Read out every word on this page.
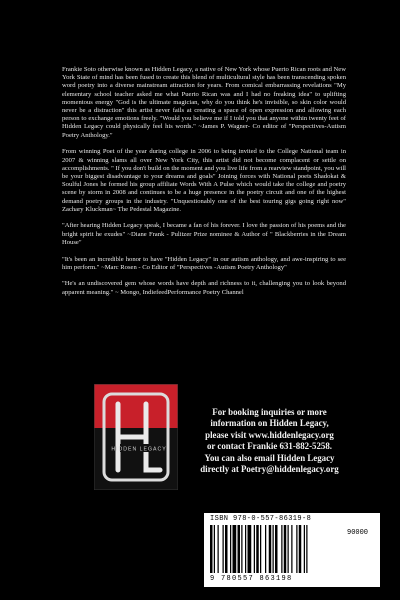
Frankie Soto otherwise known as Hidden Legacy, a native of New York whose Puerto Rican roots and New York State of mind has been fused to create this blend of multicultural style has been transcending spoken word poetry into a diverse mainstream attraction for years. From comical embarrassing revelations "My elementary school teacher asked me what Puerto Rican was and I had no freaking idea" to uplifting momentous energy "God is the ultimate magician, why do you think he's invisible, so skin color would never be a distraction" this artist never fails at creating a space of open expression and allowing each person to exchange emotions freely. "Would you believe me if I told you that anyone within twenty feet of Hidden Legacy could physically feel his words." ~James P. Wagner- Co editor of "Perspectives-Autism Poetry Anthology."

From winning Poet of the year during college in 2006 to being invited to the College National team in 2007 & winning slams all over New York City, this artist did not become complacent or settle on accomplishments. " If you don't build on the moment and you live life from a rearview standpoint, you will be your biggest disadvantage to your dreams and goals" Joining forces with National poets Shadokat & Soulful Jones he formed his group affiliate Words With A Pulse which would take the college and poetry scene by storm in 2008 and continues to be a huge presence in the poetry circuit and one of the highest demand poetry groups in the industry. "Unquestionably one of the best touring gigs going right now" Zachary Kluckman~ The Pedestal Magazine.

"After hearing Hidden Legacy speak, I became a fan of his forever. I love the passion of his poems and the bright spirit he exudes" ~Diane Frank - Pulitzer Prize nominee & Author of " Blackberries in the Dream House"

"It's been an incredible honor to have "Hidden Legacy" in our autism anthology, and awe-inspiring to see him perform." ~Marc Rosen - Co Editor of "Perspectives -Autism Poetry Anthology"

"He's an undiscovered gem whose words have depth and richness to it, challenging you to look beyond apparent meaning." ~ Mongo, IndiefeedPerformance Poetry Channel

HIDDEN LEGACY
For booking inquiries or more
information on Hidden Legacy,
please visit www.hiddenlegacy.org
or contact Frankie 631-882-5258.
You can also email Hidden Legacy
directly at Poetry@hiddenlegacy.org
ISBN 978-0-557-86319-8
9 780557 863198
90000
